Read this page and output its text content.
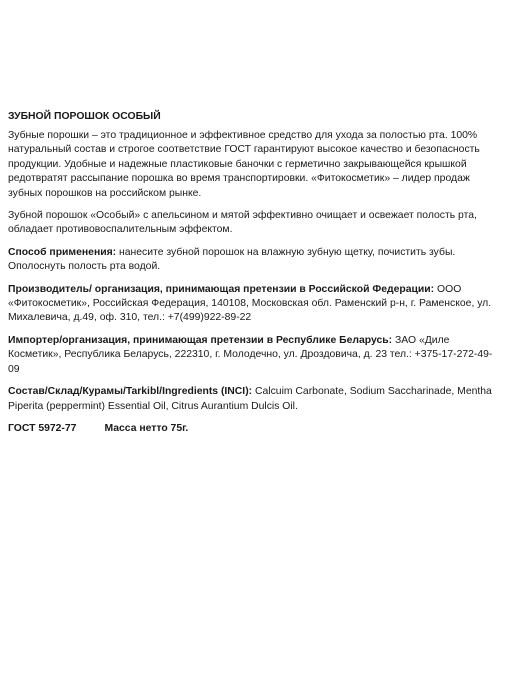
ЗУБНОЙ ПОРОШОК ОСОБЫЙ

Зубные порошки – это традиционное и эффективное средство для ухода за полостью рта. 100% натуральный состав и строгое соответствие ГОСТ гарантируют высокое качество и безопасность продукции. Удобные и надежные пластиковые баночки с герметично закрывающейся крышкой редотвратят рассыпание порошка во время транспортировки. «Фитокосметик» – лидер продаж зубных порошков на российском рынке.

Зубной порошок «Особый» с апельсином и мятой эффективно очищает и освежает полость рта, обладает противовоспалительным эффектом.

Способ применения: нанесите зубной порошок на влажную зубную щетку, почистить зубы. Ополоснуть полость рта водой.

Производитель/ организация, принимающая претензии в Российской Федерации: ООО «Фитокосметик», Российская Федерация, 140108, Московская обл. Раменский р-н, г. Раменское, ул. Михалевича, д.49, оф. 310, тел.: +7(499)922-89-22

Импортер/организация, принимающая претензии в Республике Беларусь: ЗАО «Диле Косметик», Республика Беларусь, 222310, г. Молодечно, ул. Дроздовича, д. 23 тел.: +375-17-272-49-09

Состав/Склад/Курамы/Tarkibl/Ingredients (INCI): Calcuim Carbonate, Sodium Saccharinade, Mentha Piperita (peppermint) Essential Oil, Citrus Aurantium Dulcis Oil.

ГОСТ 5972-77	Масса нетто 75г.
